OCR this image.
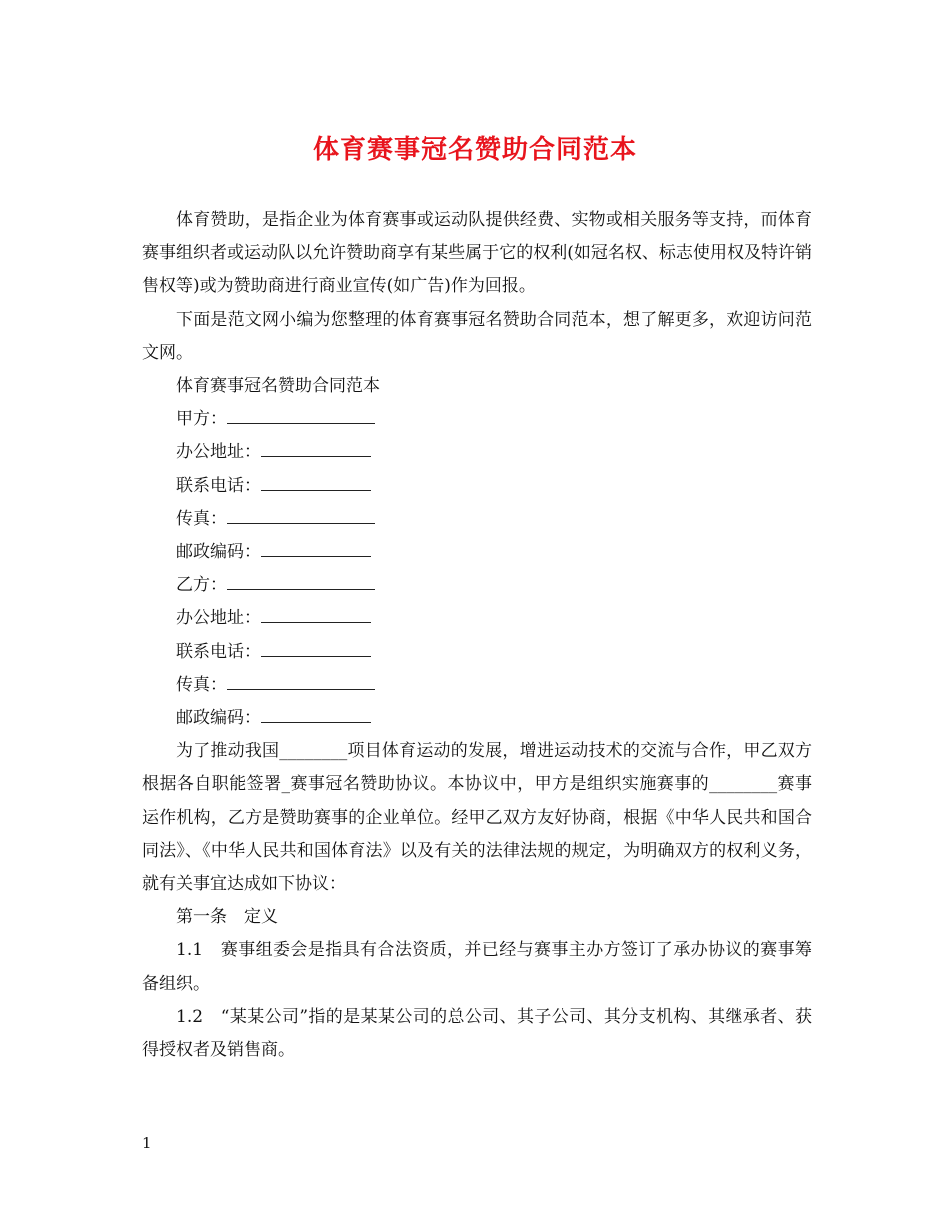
体育赛事冠名赞助合同范本

体育赞助，是指企业为体育赛事或运动队提供经费、实物或相关服务等支持，而体育赛事组织者或运动队以允许赞助商享有某些属于它的权利(如冠名权、标志使用权及特许销售权等)或为赞助商进行商业宣传(如广告)作为回报。

下面是范文网小编为您整理的体育赛事冠名赞助合同范本，想了解更多，欢迎访问范文网。

体育赛事冠名赞助合同范本

甲方：
办公地址：
联系电话：
传真：
邮政编码：
乙方：
办公地址：
联系电话：
传真：
邮政编码：

为了推动我国________项目体育运动的发展，增进运动技术的交流与合作，甲乙双方根据各自职能签署_赛事冠名赞助协议。本协议中，甲方是组织实施赛事的________赛事运作机构，乙方是赞助赛事的企业单位。经甲乙双方友好协商，根据《中华人民共和国合同法》、《中华人民共和国体育法》以及有关的法律法规的规定，为明确双方的权利义务，就有关事宜达成如下协议：

第一条　定义

1.1　赛事组委会是指具有合法资质，并已经与赛事主办方签订了承办协议的赛事筹备组织。

1.2　“某某公司”指的是某某公司的总公司、其子公司、其分支机构、其继承者、获得授权者及销售商。

1
